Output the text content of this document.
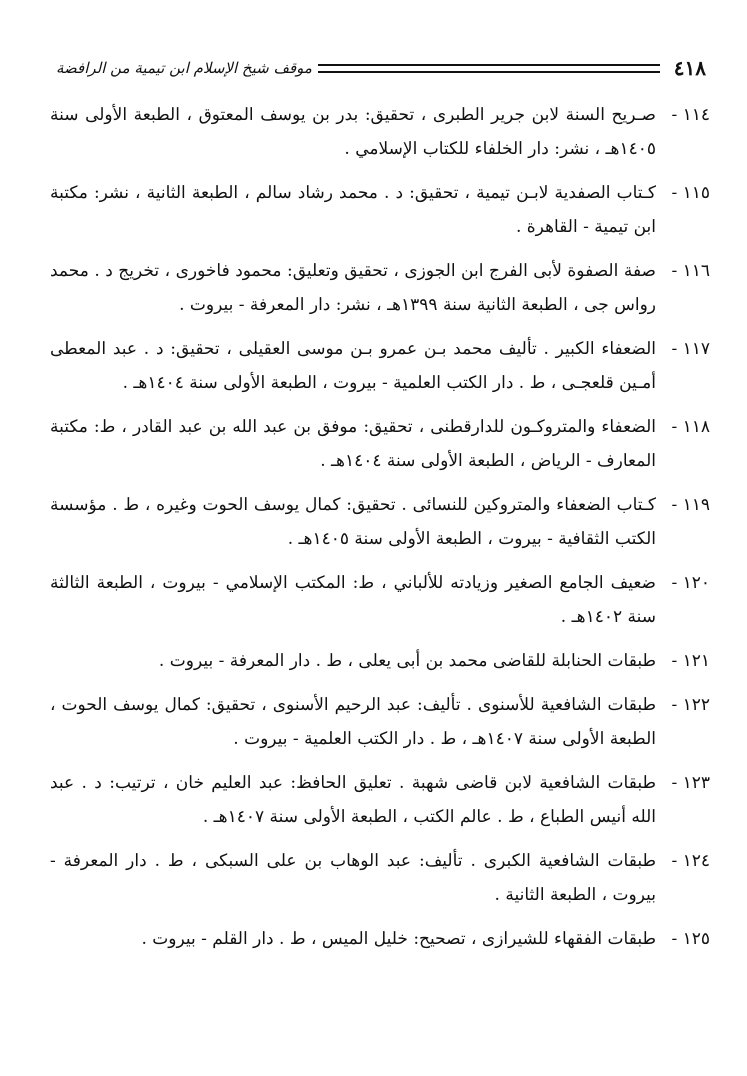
٤١٨
موقف شيخ الإسلام ابن تيمية من الرافضة
١١٤ -
صـريح السنة لابن جرير الطبرى ، تحقيق: بدر بن يوسف المعتوق ، الطبعة الأولى سنة ١٤٠٥هـ ، نشر: دار الخلفاء للكتاب الإسلامي .
١١٥ -
كـتاب الصفدية لابـن تيمية ، تحقيق: د . محمد رشاد سالم ، الطبعة الثانية ، نشر: مكتبة ابن تيمية - القاهرة .
١١٦ -
صفة الصفوة لأبى الفرج ابن الجوزى ، تحقيق وتعليق: محمود فاخورى ، تخريج د . محمد رواس جى ، الطبعة الثانية سنة ١٣٩٩هـ ، نشر: دار المعرفة - بيروت .
١١٧ -
الضعفاء الكبير . تأليف محمد بـن عمرو بـن موسى العقيلى ، تحقيق: د . عبد المعطى أمـين قلعجـى ، ط . دار الكتب العلمية - بيروت ، الطبعة الأولى سنة ١٤٠٤هـ .
١١٨ -
الضعفاء والمتروكـون للدارقطنى ، تحقيق: موفق بن عبد الله بن عبد القادر ، ط: مكتبة المعارف - الرياض ، الطبعة الأولى سنة ١٤٠٤هـ .
١١٩ -
كـتاب الضعفاء والمتروكين للنسائى . تحقيق: كمال يوسف الحوت وغيره ، ط . مؤسسة الكتب الثقافية - بيروت ، الطبعة الأولى سنة ١٤٠٥هـ .
١٢٠ -
ضعيف الجامع الصغير وزيادته للألباني ، ط: المكتب الإسلامي - بيروت ، الطبعة الثالثة سنة ١٤٠٢هـ .
١٢١ -
طبقات الحنابلة للقاضى محمد بن أبى يعلى ، ط . دار المعرفة - بيروت .
١٢٢ -
طبقات الشافعية للأسنوى . تأليف: عبد الرحيم الأسنوى ، تحقيق: كمال يوسف الحوت ، الطبعة الأولى سنة ١٤٠٧هـ ، ط . دار الكتب العلمية - بيروت .
١٢٣ -
طبقات الشافعية لابن قاضى شهبة . تعليق الحافظ: عبد العليم خان ، ترتيب: د . عبد الله أنيس الطباع ، ط . عالم الكتب ، الطبعة الأولى سنة ١٤٠٧هـ .
١٢٤ -
طبقات الشافعية الكبرى . تأليف: عبد الوهاب بن على السبكى ، ط . دار المعرفة - بيروت ، الطبعة الثانية .
١٢٥ -
طبقات الفقهاء للشيرازى ، تصحيح: خليل الميس ، ط . دار القلم - بيروت .
